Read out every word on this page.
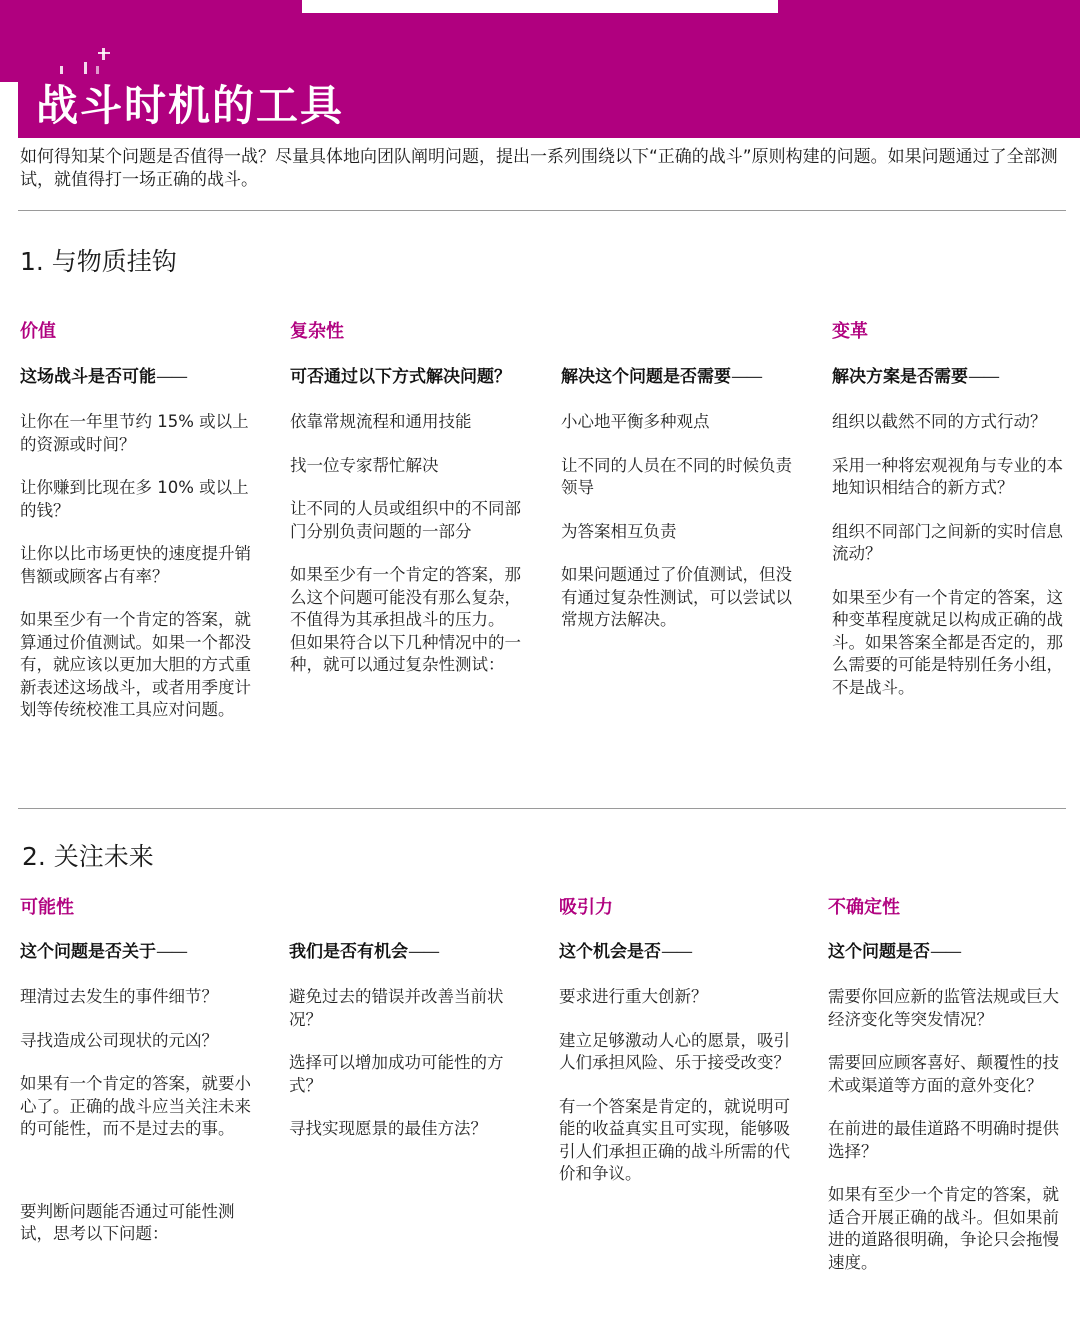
战斗时机的工具

如何得知某个问题是否值得一战？尽量具体地向团队阐明问题，提出一系列围绕以下“正确的战斗”原则构建的问题。如果问题通过了全部测试，就值得打一场正确的战斗。

1. 与物质挂钩
价值	复杂性	变革

这场战斗是否可能 ——

让你在一年里节约 15% 或以上的资源或时间？

让你赚到比现在多 10% 或以上的钱？

让你以比市场更快的速度提升销售额或顾客占有率？

如果至少有一个肯定的答案，就算通过价值测试。如果一个都没有，就应该以更加大胆的方式重新表述这场战斗，或者用季度计划等传统校准工具应对问题。

可否通过以下方式解决问题？

依靠常规流程和通用技能

找一位专家帮忙解决

让不同的人员或组织中的不同部门分别负责问题的一部分

如果至少有一个肯定的答案，那么这个问题可能没有那么复杂，不值得为其承担战斗的压力。

但如果符合以下几种情况中的一种，就可以通过复杂性测试：

解决这个问题是否需要 ——

小心地平衡多种观点

让不同的人员在不同的时候负责领导

为答案相互负责

如果问题通过了价值测试，但没有通过复杂性测试，可以尝试以常规方法解决。

解决方案是否需要 ——

组织以截然不同的方式行动？

采用一种将宏观视角与专业的本地知识相结合的新方式？

组织不同部门之间新的实时信息流动？

如果至少有一个肯定的答案，这种变革程度就足以构成正确的战斗。如果答案全都是否定的，那么需要的可能是特别任务小组，不是战斗。

2. 关注未来
可能性	吸引力	不确定性

这个问题是否关于 ——

理清过去发生的事件细节？

寻找造成公司现状的元凶？

如果有一个肯定的答案，就要小心了。正确的战斗应当关注未来的可能性，而不是过去的事。

要判断问题能否通过可能性测试，思考以下问题：

我们是否有机会 ——

避免过去的错误并改善当前状况？

选择可以增加成功可能性的方式？

寻找实现愿景的最佳方法？

这个机会是否 ——

要求进行重大创新？

建立足够激动人心的愿景，吸引人们承担风险、乐于接受改变？

有一个答案是肯定的，就说明可能的收益真实且可实现，能够吸引人们承担正确的战斗所需的代价和争议。

这个问题是否 ——

需要你回应新的监管法规或巨大经济变化等突发情况？

需要回应顾客喜好、颠覆性的技术或渠道等方面的意外变化？

在前进的最佳道路不明确时提供选择？

如果有至少一个肯定的答案，就适合开展正确的战斗。但如果前进的道路很明确，争论只会拖慢速度。
